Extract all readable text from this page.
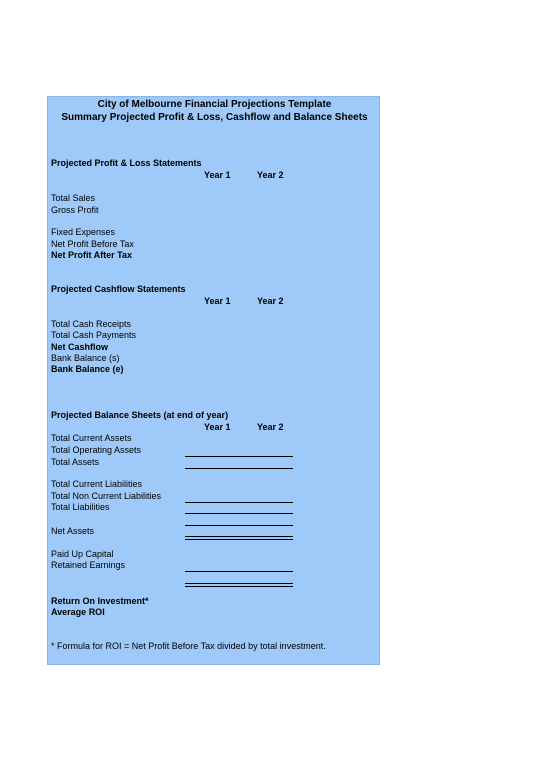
City of Melbourne Financial Projections Template
Summary Projected Profit & Loss, Cashflow and Balance Sheets
Projected Profit & Loss Statements
Year 1	Year 2
Total Sales
Gross Profit
Fixed Expenses
Net Profit Before Tax
Net Profit After Tax
Projected Cashflow Statements
Year 1	Year 2
Total Cash Receipts
Total Cash Payments
Net Cashflow
Bank Balance (s)
Bank Balance (e)
Projected Balance Sheets (at end of year)
Year 1	Year 2
Total Current Assets
Total Operating Assets
Total Assets
Total Current Liabilities
Total Non Current Liabilities
Total Liabilities
Net Assets
Paid Up Capital
Retained Earnings
Return On Investment*
Average ROI
* Formula for ROI = Net Profit Before Tax divided by total investment.
